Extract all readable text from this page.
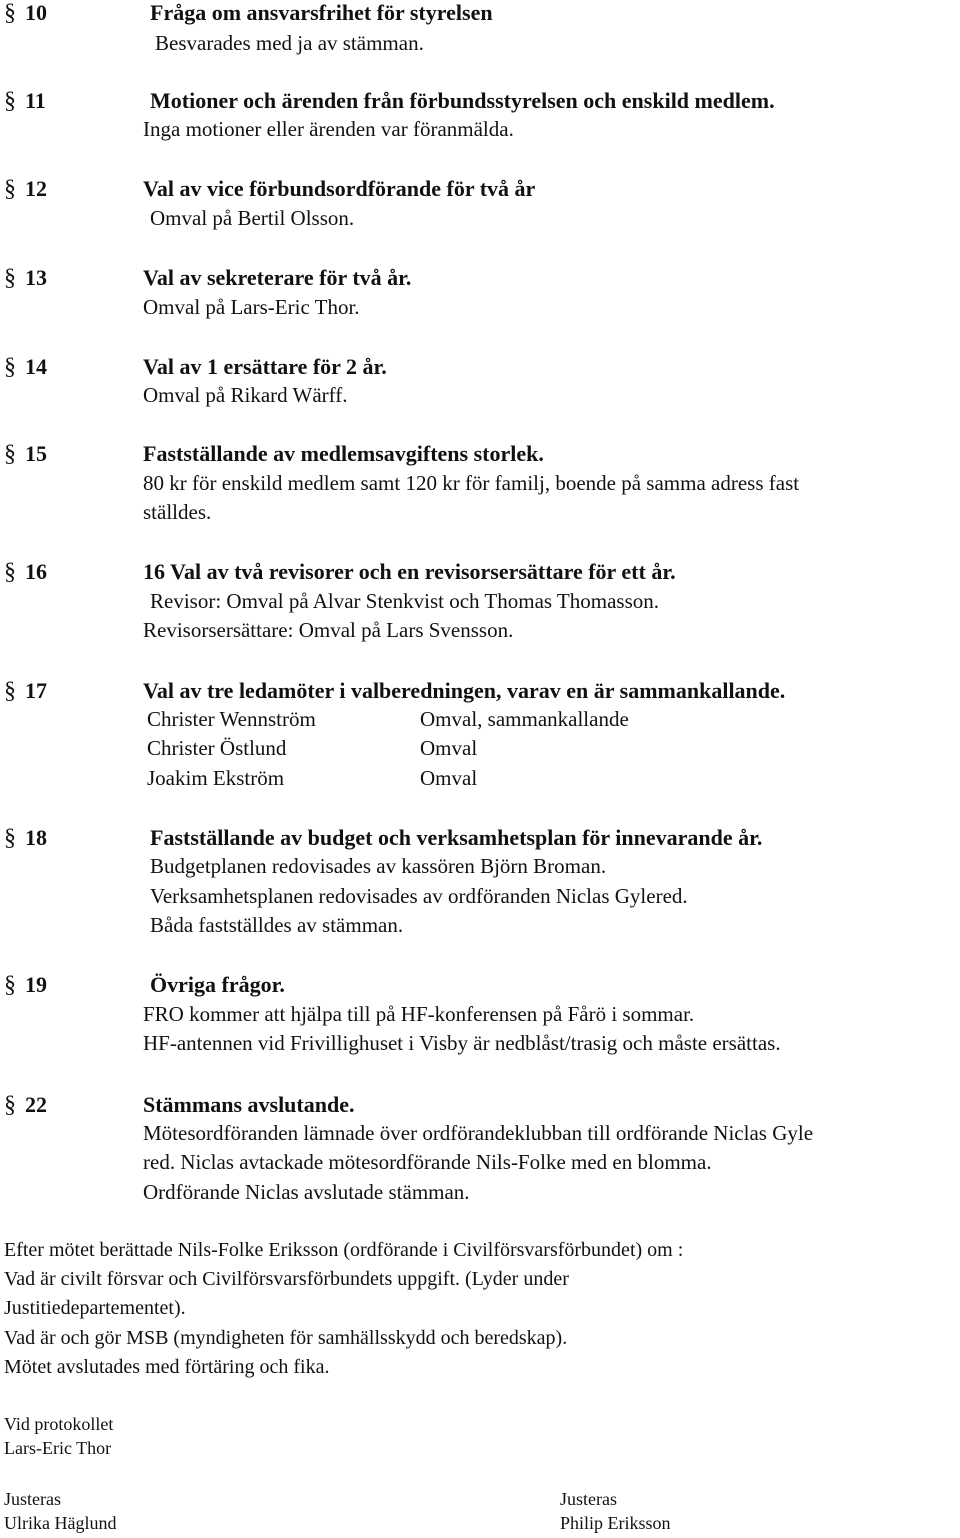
§ 10	Fråga om ansvarsfrihet för styrelsen
Besvarades med ja av stämman.
§ 11	Motioner och ärenden från förbundsstyrelsen och enskild medlem.
Inga motioner eller ärenden var föranmälda.
§ 12	Val av vice förbundsordförande för två år
Omval på Bertil Olsson.
§ 13	Val av sekreterare för två år.
Omval på Lars-Eric Thor.
§ 14	Val av 1 ersättare för 2 år.
Omval på Rikard Wärff.
§ 15	Fastställande av medlemsavgiftens storlek.
80 kr för enskild medlem samt 120 kr för familj, boende på samma adress fast
ställdes.
§ 16	16 Val av två revisorer och en revisorsersättare för ett år.
Revisor: Omval på Alvar Stenkvist och Thomas Thomasson.
Revisorsersättare: Omval på Lars Svensson.
§ 17	Val av tre ledamöter i valberedningen, varav en är sammankallande.
Christer Wennström	Omval, sammankallande
Christer Östlund	Omval
Joakim Ekström	Omval
§ 18	Fastställande av budget och verksamhetsplan för innevarande år.
Budgetplanen redovisades av kassören Björn Broman.
Verksamhetsplanen redovisades av ordföranden Niclas Gylered.
Båda fastställdes av stämman.
§ 19	Övriga frågor.
FRO kommer att hjälpa till på HF-konferensen på Fårö i sommar.
HF-antennen vid Frivillighuset i Visby är nedblåst/trasig och måste ersättas.
§ 22	Stämmans avslutande.
Mötesordföranden lämnade över ordförandeklubban till ordförande Niclas Gyle
red. Niclas avtackade mötesordförande Nils-Folke med en blomma.
Ordförande Niclas avslutade stämman.
Efter mötet berättade Nils-Folke Eriksson (ordförande i Civilförsvarsförbundet) om :
Vad är civilt försvar och Civilförsvarsförbundets uppgift. (Lyder under
Justitiedepartementet).
Vad är och gör MSB (myndigheten för samhällsskydd och beredskap).
Mötet avslutades med förtäring och fika.
Vid protokollet
Lars-Eric Thor
Justeras
Ulrika Häglund
Justeras
Philip Eriksson
